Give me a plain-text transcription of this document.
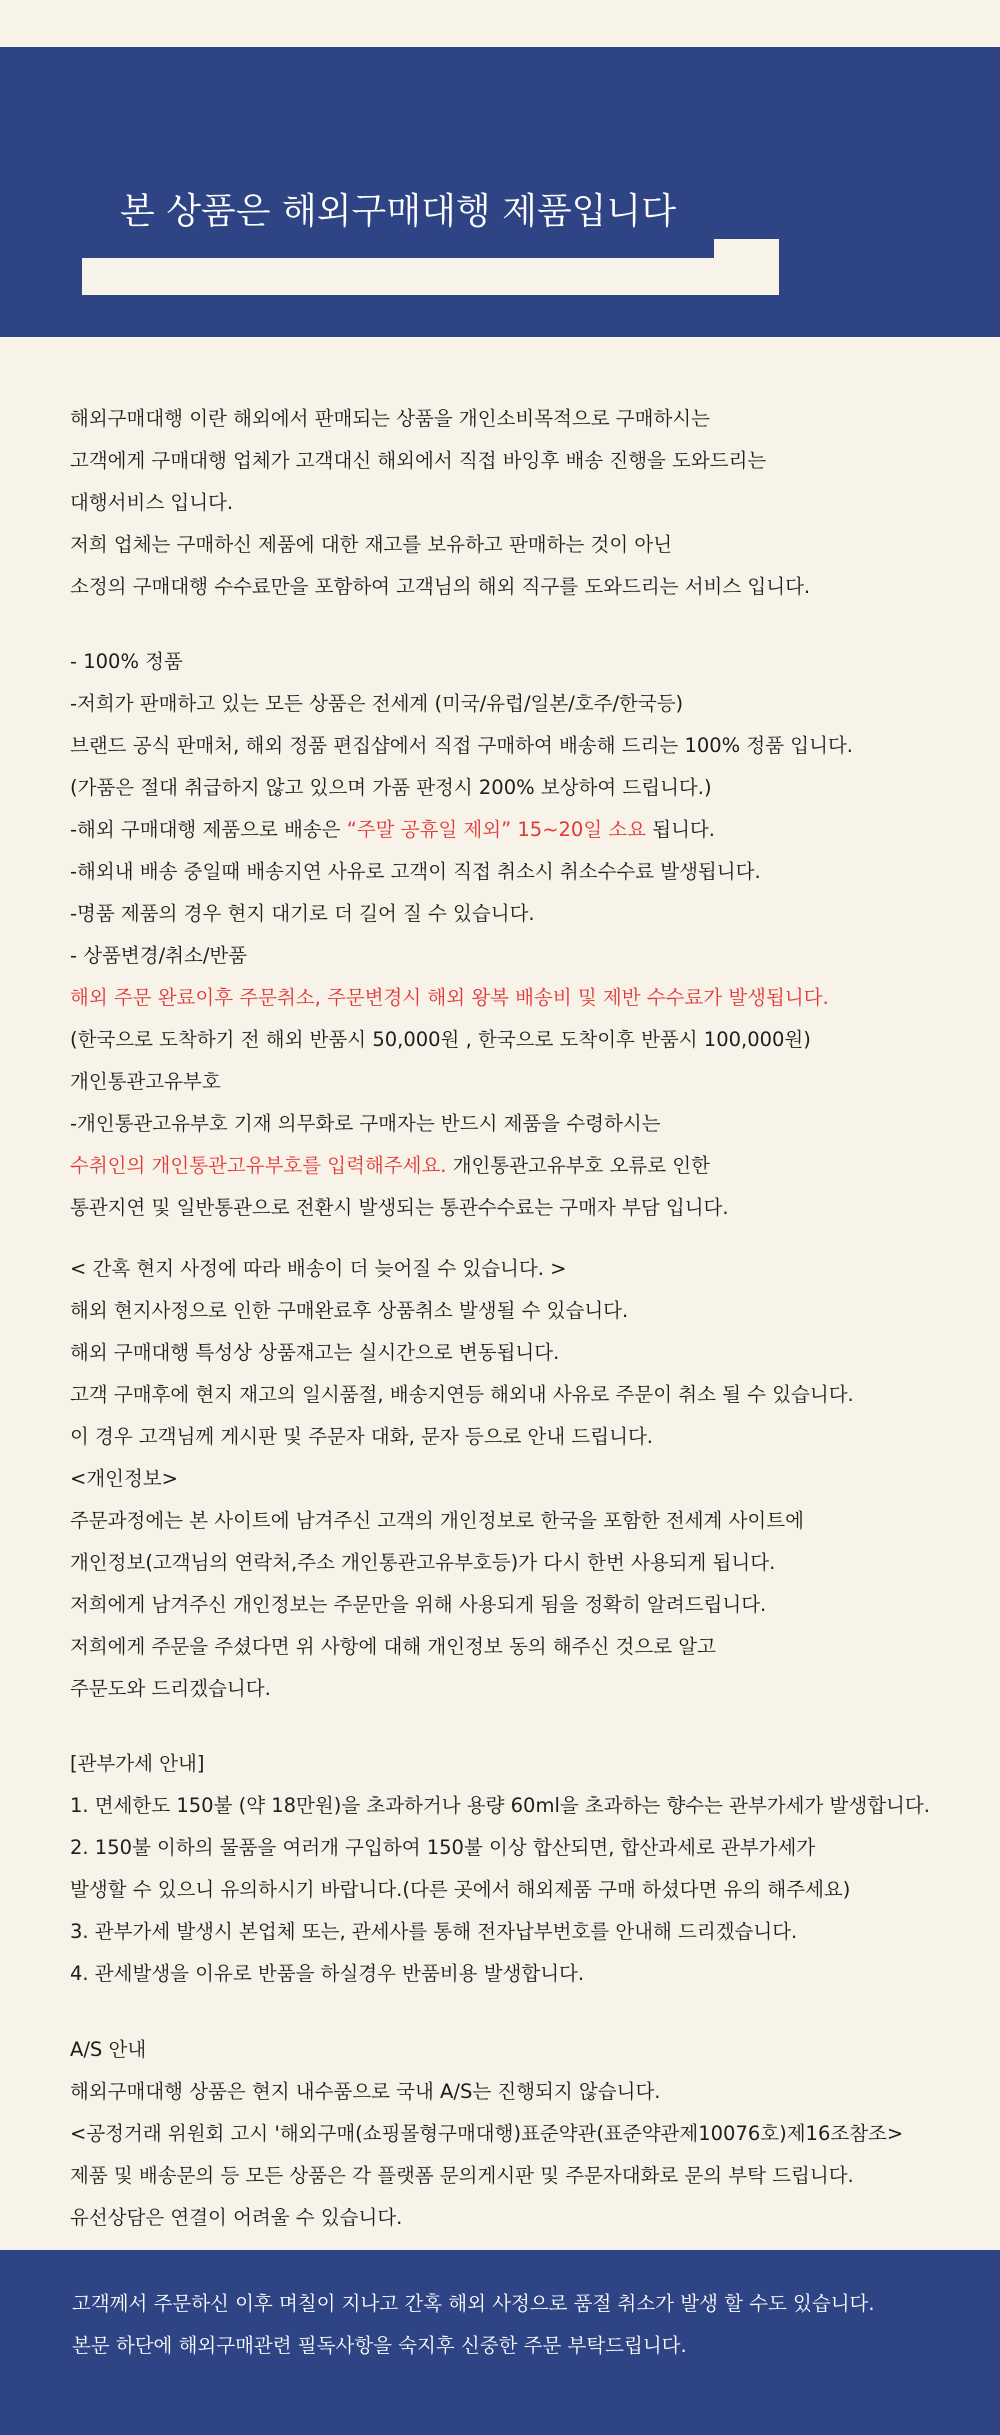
본 상품은 해외구매대행 제품입니다
해외구매대행 이란 해외에서 판매되는 상품을 개인소비목적으로 구매하시는
고객에게 구매대행 업체가 고객대신 해외에서 직접 바잉후 배송 진행을 도와드리는
대행서비스 입니다.
저희 업체는 구매하신 제품에 대한 재고를 보유하고 판매하는 것이 아닌
소정의 구매대행 수수료만을 포함하여 고객님의 해외 직구를 도와드리는 서비스 입니다.
- 100% 정품
-저희가 판매하고 있는 모든 상품은 전세계 (미국/유럽/일본/호주/한국등)
브랜드 공식 판매처, 해외 정품 편집샵에서 직접 구매하여 배송해 드리는 100% 정품 입니다.
(가품은 절대 취급하지 않고 있으며 가품 판정시 200% 보상하여 드립니다.)
-해외 구매대행 제품으로 배송은 “주말 공휴일 제외” 15~20일 소요 됩니다.
-해외내 배송 중일때 배송지연 사유로 고객이 직접 취소시 취소수수료 발생됩니다.
-명품 제품의 경우 현지 대기로 더 길어 질 수 있습니다.
- 상품변경/취소/반품
해외 주문 완료이후 주문취소, 주문변경시 해외 왕복 배송비 및 제반 수수료가 발생됩니다.
(한국으로 도착하기 전 해외 반품시 50,000원 , 한국으로 도착이후 반품시 100,000원)
개인통관고유부호
-개인통관고유부호 기재 의무화로 구매자는 반드시 제품을 수령하시는
수취인의 개인통관고유부호를 입력해주세요. 개인통관고유부호 오류로 인한
통관지연 및 일반통관으로 전환시 발생되는 통관수수료는 구매자 부담 입니다.
< 간혹 현지 사정에 따라 배송이 더 늦어질 수 있습니다. >
해외 현지사정으로 인한 구매완료후 상품취소 발생될 수 있습니다.
해외 구매대행 특성상 상품재고는 실시간으로 변동됩니다.
고객 구매후에 현지 재고의 일시품절, 배송지연등 해외내 사유로 주문이 취소 될 수 있습니다.
이 경우 고객님께 게시판 및 주문자 대화, 문자 등으로 안내 드립니다.
<개인정보>
주문과정에는 본 사이트에 남겨주신 고객의 개인정보로 한국을 포함한 전세계 사이트에
개인정보(고객님의 연락처,주소 개인통관고유부호등)가 다시 한번 사용되게 됩니다.
저희에게 남겨주신 개인정보는 주문만을 위해 사용되게 됨을 정확히 알려드립니다.
저희에게 주문을 주셨다면 위 사항에 대해 개인정보 동의 해주신 것으로 알고
주문도와 드리겠습니다.
[관부가세 안내]
1. 면세한도 150불 (약 18만원)을 초과하거나 용량 60ml을 초과하는 향수는 관부가세가 발생합니다.
2. 150불 이하의 물품을 여러개 구입하여 150불 이상 합산되면, 합산과세로 관부가세가
발생할 수 있으니 유의하시기 바랍니다.(다른 곳에서 해외제품 구매 하셨다면 유의 해주세요)
3. 관부가세 발생시 본업체 또는, 관세사를 통해 전자납부번호를 안내해 드리겠습니다.
4. 관세발생을 이유로 반품을 하실경우 반품비용 발생합니다.
A/S 안내
해외구매대행 상품은 현지 내수품으로 국내 A/S는 진행되지 않습니다.
<공정거래 위원회 고시 '해외구매(쇼핑몰형구매대행)표준약관(표준약관제10076호)제16조참조>
제품 및 배송문의 등 모든 상품은 각 플랫폼 문의게시판 및 주문자대화로 문의 부탁 드립니다.
유선상담은 연결이 어려울 수 있습니다.
고객께서 주문하신 이후 며칠이 지나고 간혹 해외 사정으로 품절 취소가 발생 할 수도 있습니다.
본문 하단에 해외구매관련 필독사항을 숙지후 신중한 주문 부탁드립니다.
